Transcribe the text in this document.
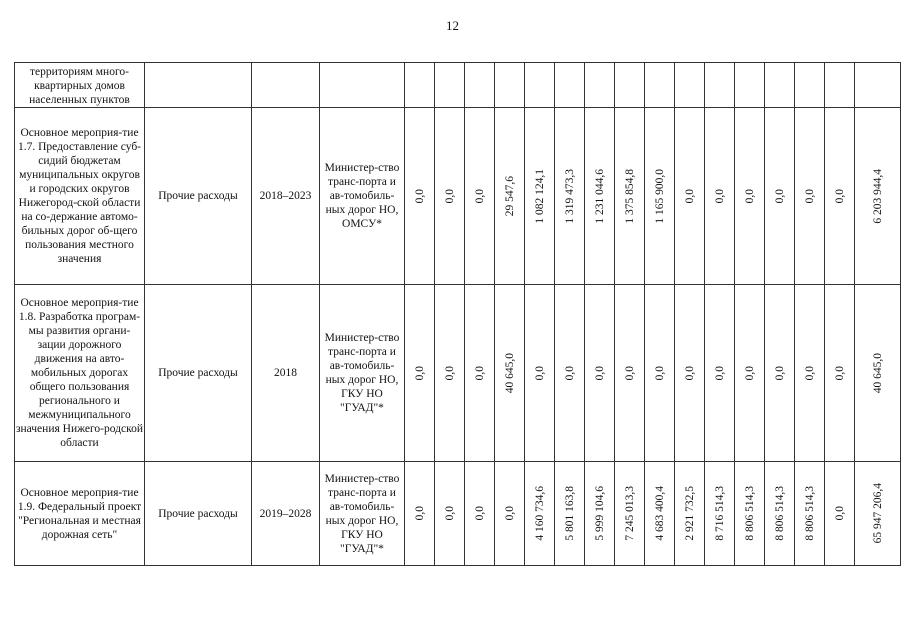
12
территориям много-квартирных домов населенных пунктов				

Основное мероприя-тие 1.7. Предоставление суб-сидий бюджетам муниципальных округов и городских округов Нижегород-ской области на со-держание автомо-бильных дорог об-щего пользования местного значения	Прочие расходы	2018–2023	Министер-ство транс-порта и ав-томобиль-ных дорог НО, ОМСУ*	0,0	0,0	0,0	29 547,6	1 082 124,1	1 319 473,3	1 231 044,6	1 375 854,8	1 165 900,0	0,0	0,0	0,0	0,0	0,0	0,0	6 203 944,4

Основное мероприя-тие 1.8. Разработка програм-мы развития органи-зации дорожного движения на авто-мобильных дорогах общего пользования регионального и межмуниципального значения Нижего-родской области	Прочие расходы	2018	Министер-ство транс-порта и ав-томобиль-ных дорог НО, ГКУ НО "ГУАД"*	0,0	0,0	0,0	40 645,0	0,0	0,0	0,0	0,0	0,0	0,0	0,0	0,0	0,0	0,0	0,0	40 645,0

Основное мероприя-тие 1.9. Федеральный проект "Региональная и местная дорожная сеть"	Прочие расходы	2019–2028	Министер-ство транс-порта и ав-томобиль-ных дорог НО, ГКУ НО "ГУАД"*	0,0	0,0	0,0	0,0	4 160 734,6	5 801 163,8	5 999 104,6	7 245 013,3	4 683 400,4	2 921 732,5	8 716 514,3	8 806 514,3	8 806 514,3	8 806 514,3	0,0	65 947 206,4
